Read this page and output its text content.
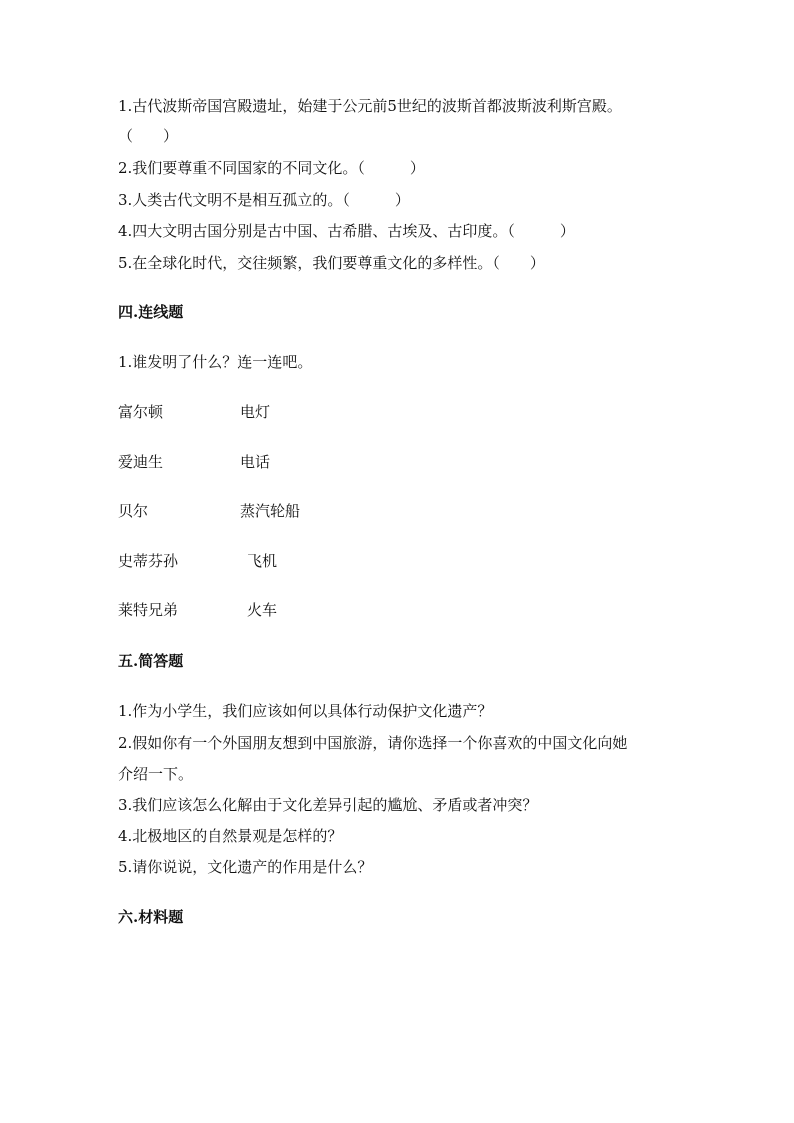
1.古代波斯帝国宫殿遗址，始建于公元前5世纪的波斯首都波斯波利斯宫殿。
（　　）
2.我们要尊重不同国家的不同文化。（　　　）
3.人类古代文明不是相互孤立的。（　　　）
4.四大文明古国分别是古中国、古希腊、古埃及、古印度。（　　　）
5.在全球化时代，交往频繁，我们要尊重文化的多样性。（　　）
四.连线题
1.谁发明了什么？连一连吧。
富尔顿	电灯
爱迪生	电话
贝尔	蒸汽轮船
史蒂芬孙	飞机
莱特兄弟	火车
五.简答题
1.作为小学生，我们应该如何以具体行动保护文化遗产？
2.假如你有一个外国朋友想到中国旅游，请你选择一个你喜欢的中国文化向她
介绍一下。
3.我们应该怎么化解由于文化差异引起的尴尬、矛盾或者冲突？
4.北极地区的自然景观是怎样的？
5.请你说说，文化遗产的作用是什么？
六.材料题
